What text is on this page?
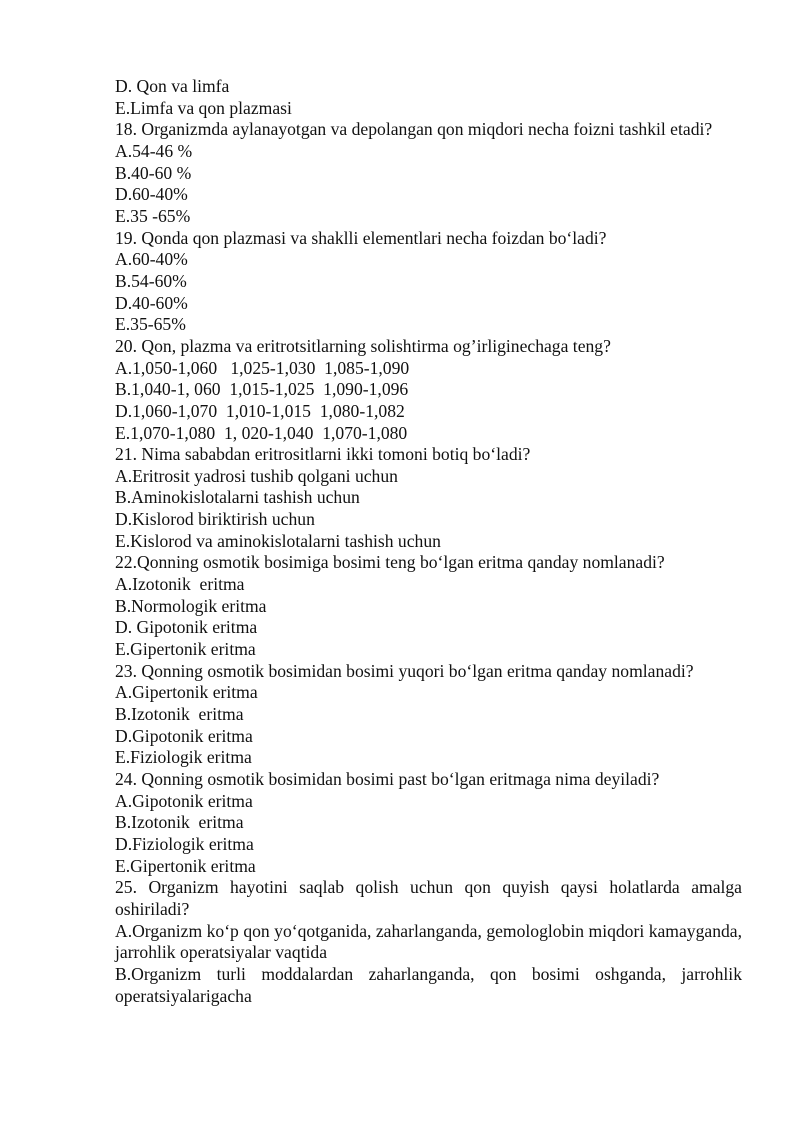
D. Qon va limfa

E.Limfa va qon plazmasi

18. Organizmda aylanayotgan va depolangan qon miqdori necha foizni tashkil etadi?

A.54-46 %

B.40-60 %

D.60-40%

E.35 -65%

19. Qonda qon plazmasi va shaklli elementlari necha foizdan bo‘ladi?

A.60-40%

B.54-60%

D.40-60%

E.35-65%

20. Qon, plazma va eritrotsitlarning solishtirma og’irliginechaga teng?

A.1,050-1,060   1,025-1,030  1,085-1,090

B.1,040-1, 060  1,015-1,025  1,090-1,096

D.1,060-1,070  1,010-1,015  1,080-1,082

E.1,070-1,080  1, 020-1,040  1,070-1,080

21. Nima sababdan eritrositlarni ikki tomoni botiq bo‘ladi?

A.Eritrosit yadrosi tushib qolgani uchun

B.Aminokislotalarni tashish uchun

D.Kislorod biriktirish uchun

E.Kislorod va aminokislotalarni tashish uchun

22.Qonning osmotik bosimiga bosimi teng bo‘lgan eritma qanday nomlanadi?

A.Izotonik  eritma

B.Normologik eritma

D. Gipotonik eritma

E.Gipertonik eritma

23. Qonning osmotik bosimidan bosimi yuqori bo‘lgan eritma qanday nomlanadi?

A.Gipertonik eritma

B.Izotonik  eritma

D.Gipotonik eritma

E.Fiziologik eritma

24. Qonning osmotik bosimidan bosimi past bo‘lgan eritmaga nima deyiladi?

A.Gipotonik eritma

B.Izotonik  eritma

D.Fiziologik eritma

E.Gipertonik eritma

25. Organizm hayotini saqlab qolish uchun qon quyish qaysi holatlarda amalga oshiriladi?

A.Organizm ko‘p qon yo‘qotganida, zaharlanganda, gemologlobin miqdori kamayganda, jarrohlik operatsiyalar vaqtida

B.Organizm turli moddalardan zaharlanganda, qon bosimi oshganda, jarrohlik operatsiyalarigacha
